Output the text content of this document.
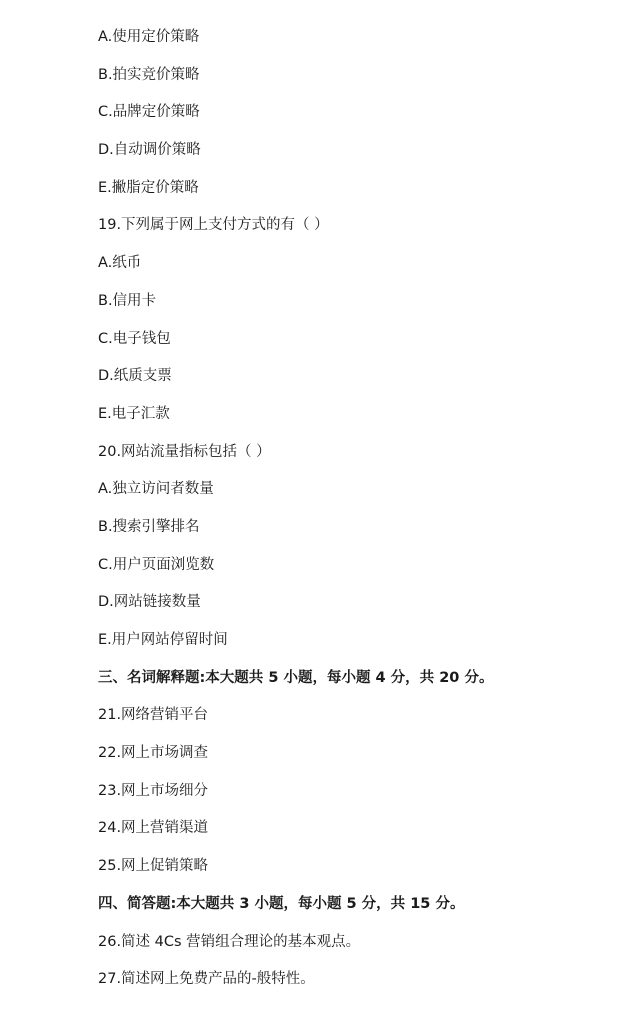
A.使用定价策略
B.拍实竞价策略
C.品牌定价策略
D.自动调价策略
E.撇脂定价策略
19.下列属于网上支付方式的有（ ）
A.纸币
B.信用卡
C.电子钱包
D.纸质支票
E.电子汇款
20.网站流量指标包括（ ）
A.独立访问者数量
B.搜索引擎排名
C.用户页面浏览数
D.网站链接数量
E.用户网站停留时间
三、名词解释题:本大题共 5 小题，每小题 4 分，共 20 分。
21.网络营销平台
22.网上市场调查
23.网上市场细分
24.网上营销渠道
25.网上促销策略
四、简答题:本大题共 3 小题，每小题 5 分，共 15 分。
26.简述 4Cs 营销组合理论的基本观点。
27.简述网上免费产品的-般特性。
